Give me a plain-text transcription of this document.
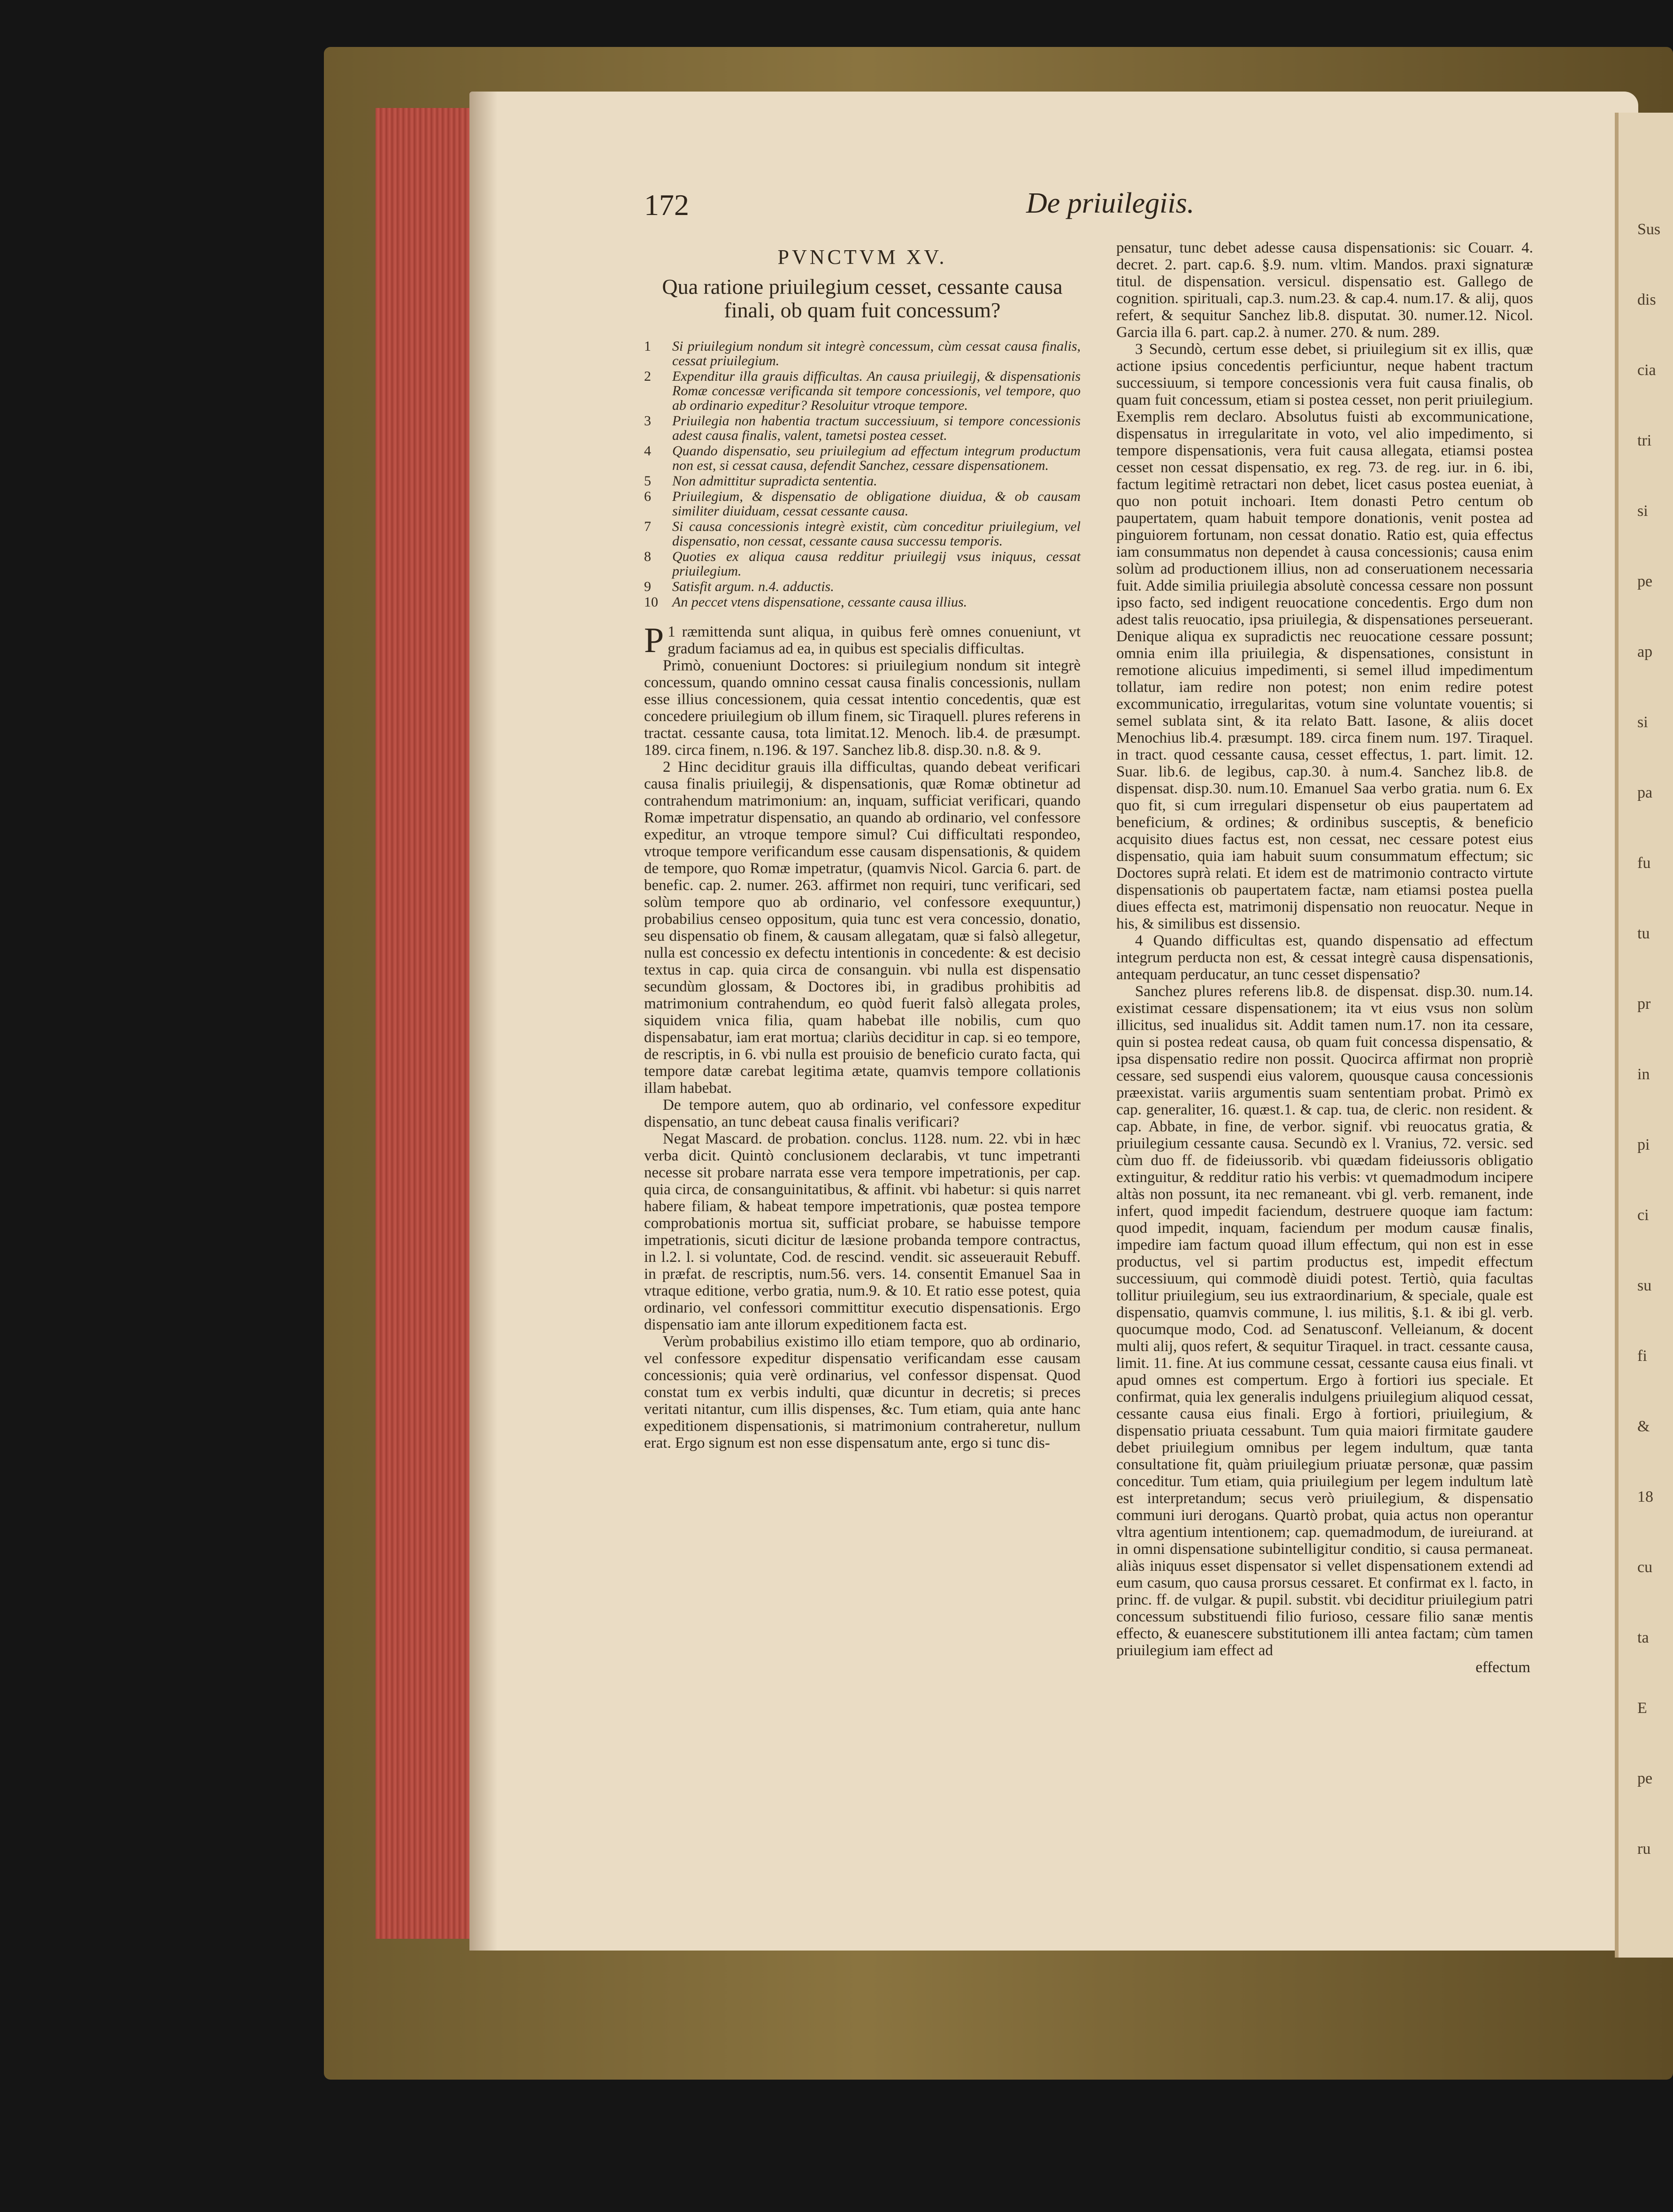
Sus
dis
cia
tri
si
pe
ap
si
pa
fu
tu
pr
in
pi
ci
su
fi
&
18
cu
ta
E
pe
ru
172	De priuilegiis.
PVNCTVM XV.
Qua ratione priuilegium cesset, cessante causa finali, ob quam fuit concessum?
1 Si priuilegium nondum sit integrè concessum, cùm cessat causa finalis, cessat priuilegium.
2 Expenditur illa grauis difficultas. An causa priuilegij, & dispensationis Romæ concessæ verificanda sit tempore concessionis, vel tempore, quo ab ordinario expeditur? Resoluitur vtroque tempore.
3 Priuilegia non habentia tractum successiuum, si tempore concessionis adest causa finalis, valent, tametsi postea cesset.
4 Quando dispensatio, seu priuilegium ad effectum integrum productum non est, si cessat causa, defendit Sanchez, cessare dispensationem.
5 Non admittitur supradicta sententia.
6 Priuilegium, & dispensatio de obligatione diuidua, & ob causam similiter diuiduam, cessat cessante causa.
7 Si causa concessionis integrè existit, cùm conceditur priuilegium, vel dispensatio, non cessat, cessante causa successu temporis.
8 Quoties ex aliqua causa redditur priuilegij vsus iniquus, cessat priuilegium.
9 Satisfit argum. n.4. adductis.
10 An peccet vtens dispensatione, cessante causa illius.

1
P ræmittenda sunt aliqua, in quibus ferè omnes conueniunt, vt gradum faciamus ad ea, in quibus est specialis difficultas.

Primò, conueniunt Doctores: si priuilegium nondum sit integrè concessum, quando omnino cessat causa finalis concessionis, nullam esse illius concessionem, quia cessat intentio concedentis, quæ est concedere priuilegium ob illum finem, sic Tiraquell. plures referens in tractat. cessante causa, tota limitat.12. Menoch. lib.4. de præsumpt. 189. circa finem, n.196. & 197. Sanchez lib.8. disp.30. n.8. & 9.

2 Hinc deciditur grauis illa difficultas, quando debeat verificari causa finalis priuilegij, & dispensationis, quæ Romæ obtinetur ad contrahendum matrimonium: an, inquam, sufficiat verificari, quando Romæ impetratur dispensatio, an quando ab ordinario, vel confessore expeditur, an vtroque tempore simul? Cui difficultati respondeo, vtroque tempore verificandum esse causam dispensationis, & quidem de tempore, quo Romæ impetratur, (quamvis Nicol. Garcia 6. part. de benefic. cap. 2. numer. 263. affirmet non requiri, tunc verificari, sed solùm tempore quo ab ordinario, vel confessore exequuntur,) probabilius censeo oppositum, quia tunc est vera concessio, donatio, seu dispensatio ob finem, & causam allegatam, quæ si falsò allegetur, nulla est concessio ex defectu intentionis in concedente: & est decisio textus in cap. quia circa de consanguin. vbi nulla est dispensatio secundùm glossam, & Doctores ibi, in gradibus prohibitis ad matrimonium contrahendum, eo quòd fuerit falsò allegata proles, siquidem vnica filia, quam habebat ille nobilis, cum quo dispensabatur, iam erat mortua; clariùs deciditur in cap. si eo tempore, de rescriptis, in 6. vbi nulla est prouisio de beneficio curato facta, qui tempore datæ carebat legitima ætate, quamvis tempore collationis illam habebat.

De tempore autem, quo ab ordinario, vel confessore expeditur dispensatio, an tunc debeat causa finalis verificari?

Negat Mascard. de probation. conclus. 1128. num. 22. vbi in hæc verba dicit. Quintò conclusionem declarabis, vt tunc impetranti necesse sit probare narrata esse vera tempore impetrationis, per cap. quia circa, de consanguinitatibus, & affinit. vbi habetur: si quis narret habere filiam, & habeat tempore impetrationis, quæ postea tempore comprobationis mortua sit, sufficiat probare, se habuisse tempore impetrationis, sicuti dicitur de læsione probanda tempore contractus, in l.2. l. si voluntate, Cod. de rescind. vendit. sic asseuerauit Rebuff. in præfat. de rescriptis, num.56. vers. 14. consentit Emanuel Saa in vtraque editione, verbo gratia, num.9. & 10. Et ratio esse potest, quia ordinario, vel confessori committitur executio dispensationis. Ergo dispensatio iam ante illorum expeditionem facta est.

Verùm probabilius existimo illo etiam tempore, quo ab ordinario, vel confessore expeditur dispensatio verificandam esse causam concessionis; quia verè ordinarius, vel confessor dispensat. Quod constat tum ex verbis indulti, quæ dicuntur in decretis; si preces veritati nitantur, cum illis dispenses, &c. Tum etiam, quia ante hanc expeditionem dispensationis, si matrimonium contraheretur, nullum erat. Ergo signum est non esse dispensatum ante, ergo si tunc dis-

pensatur, tunc debet adesse causa dispensationis: sic Couarr. 4. decret. 2. part. cap.6. §.9. num. vltim. Mandos. praxi signaturæ titul. de dispensation. versicul. dispensatio est. Gallego de cognition. spirituali, cap.3. num.23. & cap.4. num.17. & alij, quos refert, & sequitur Sanchez lib.8. disputat. 30. numer.12. Nicol. Garcia illa 6. part. cap.2. à numer. 270. & num. 289.

3 Secundò, certum esse debet, si priuilegium sit ex illis, quæ actione ipsius concedentis perficiuntur, neque habent tractum successiuum, si tempore concessionis vera fuit causa finalis, ob quam fuit concessum, etiam si postea cesset, non perit priuilegium. Exemplis rem declaro. Absolutus fuisti ab excommunicatione, dispensatus in irregularitate in voto, vel alio impedimento, si tempore dispensationis, vera fuit causa allegata, etiamsi postea cesset non cessat dispensatio, ex reg. 73. de reg. iur. in 6. ibi, factum legitimè retractari non debet, licet casus postea eueniat, à quo non potuit inchoari. Item donasti Petro centum ob paupertatem, quam habuit tempore donationis, venit postea ad pinguiorem fortunam, non cessat donatio. Ratio est, quia effectus iam consummatus non dependet à causa concessionis; causa enim solùm ad productionem illius, non ad conseruationem necessaria fuit. Adde similia priuilegia absolutè concessa cessare non possunt ipso facto, sed indigent reuocatione concedentis. Ergo dum non adest talis reuocatio, ipsa priuilegia, & dispensationes perseuerant. Denique aliqua ex supradictis nec reuocatione cessare possunt; omnia enim illa priuilegia, & dispensationes, consistunt in remotione alicuius impedimenti, si semel illud impedimentum tollatur, iam redire non potest; non enim redire potest excommunicatio, irregularitas, votum sine voluntate vouentis; si semel sublata sint, & ita relato Batt. Iasone, & aliis docet Menochius lib.4. præsumpt. 189. circa finem num. 197. Tiraquel. in tract. quod cessante causa, cesset effectus, 1. part. limit. 12. Suar. lib.6. de legibus, cap.30. à num.4. Sanchez lib.8. de dispensat. disp.30. num.10. Emanuel Saa verbo gratia. num 6. Ex quo fit, si cum irregulari dispensetur ob eius paupertatem ad beneficium, & ordines; & ordinibus susceptis, & beneficio acquisito diues factus est, non cessat, nec cessare potest eius dispensatio, quia iam habuit suum consummatum effectum; sic Doctores suprà relati. Et idem est de matrimonio contracto virtute dispensationis ob paupertatem factæ, nam etiamsi postea puella diues effecta est, matrimonij dispensatio non reuocatur. Neque in his, & similibus est dissensio.

4 Quando difficultas est, quando dispensatio ad effectum integrum perducta non est, & cessat integrè causa dispensationis, antequam perducatur, an tunc cesset dispensatio?

Sanchez plures referens lib.8. de dispensat. disp.30. num.14. existimat cessare dispensationem; ita vt eius vsus non solùm illicitus, sed inualidus sit. Addit tamen num.17. non ita cessare, quin si postea redeat causa, ob quam fuit concessa dispensatio, & ipsa dispensatio redire non possit. Quocirca affirmat non propriè cessare, sed suspendi eius valorem, quousque causa concessionis præexistat. variis argumentis suam sententiam probat. Primò ex cap. generaliter, 16. quæst.1. & cap. tua, de cleric. non resident. & cap. Abbate, in fine, de verbor. signif. vbi reuocatus gratia, & priuilegium cessante causa. Secundò ex l. Vranius, 72. versic. sed cùm duo ff. de fideiussorib. vbi quædam fideiussoris obligatio extinguitur, & redditur ratio his verbis: vt quemadmodum incipere altàs non possunt, ita nec remaneant. vbi gl. verb. remanent, inde infert, quod impedit faciendum, destruere quoque iam factum: quod impedit, inquam, faciendum per modum causæ finalis, impedire iam factum quoad illum effectum, qui non est in esse productus, vel si partim productus est, impedit effectum successiuum, qui commodè diuidi potest. Tertiò, quia facultas tollitur priuilegium, seu ius extraordinarium, & speciale, quale est dispensatio, quamvis commune, l. ius militis, §.1. & ibi gl. verb. quocumque modo, Cod. ad Senatusconf. Velleianum, & docent multi alij, quos refert, & sequitur Tiraquel. in tract. cessante causa, limit. 11. fine. At ius commune cessat, cessante causa eius finali. vt apud omnes est compertum. Ergo à fortiori ius speciale. Et confirmat, quia lex generalis indulgens priuilegium aliquod cessat, cessante causa eius finali. Ergo à fortiori, priuilegium, & dispensatio priuata cessabunt. Tum quia maiori firmitate gaudere debet priuilegium omnibus per legem indultum, quæ tanta consultatione fit, quàm priuilegium priuatæ personæ, quæ passim conceditur. Tum etiam, quia priuilegium per legem indultum latè est interpretandum; secus verò priuilegium, & dispensatio communi iuri derogans. Quartò probat, quia actus non operantur vltra agentium intentionem; cap. quemadmodum, de iureiurand. at in omni dispensatione subintelligitur conditio, si causa permaneat. aliàs iniquus esset dispensator si vellet dispensationem extendi ad eum casum, quo causa prorsus cessaret. Et confirmat ex l. facto, in princ. ff. de vulgar. & pupil. substit. vbi deciditur priuilegium patri concessum substituendi filio furioso, cessare filio sanæ mentis effecto, & euanescere substitutionem illi antea factam; cùm tamen priuilegium iam effect ad

effectum
